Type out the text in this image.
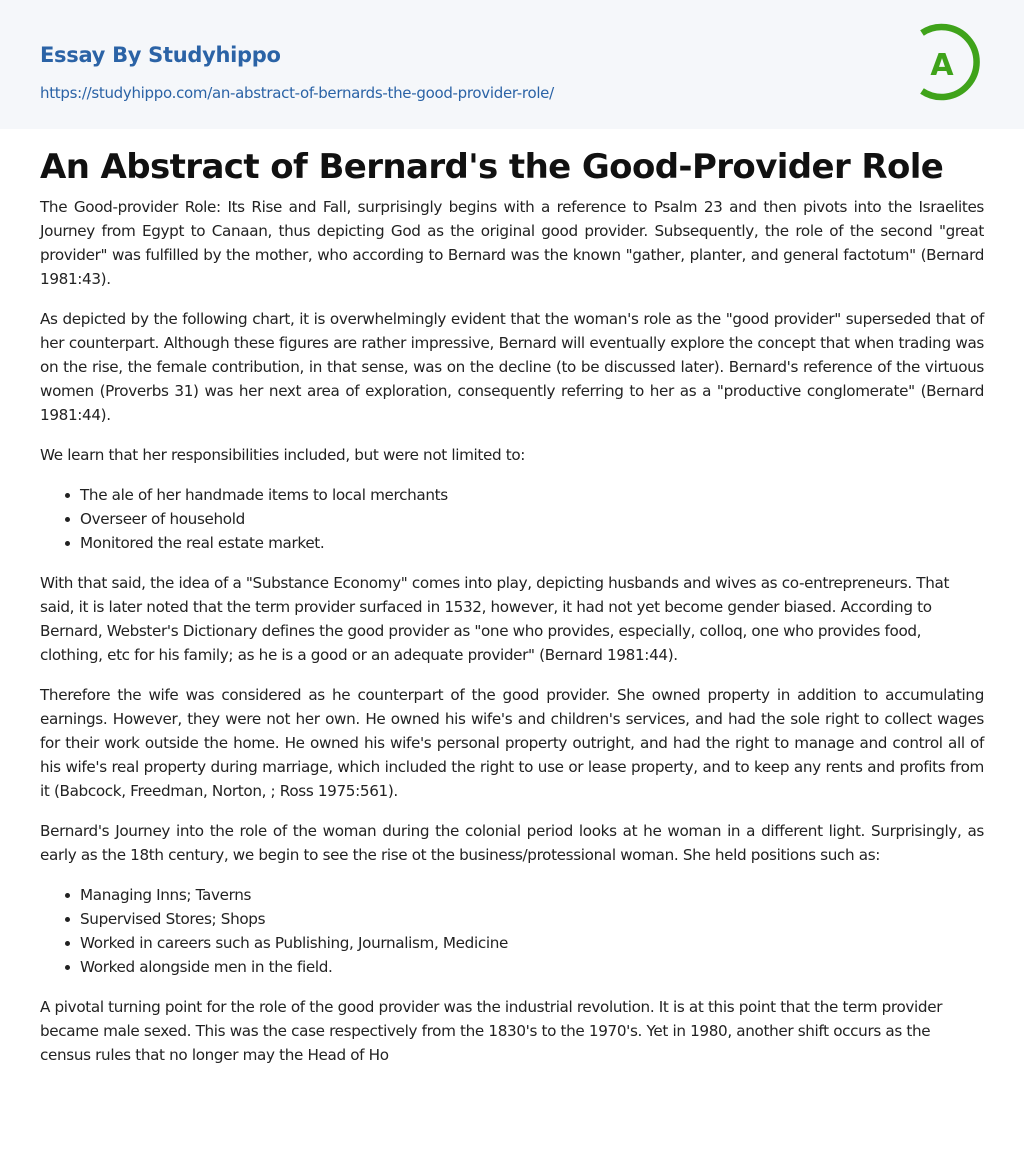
Essay By Studyhippo
https://studyhippo.com/an-abstract-of-bernards-the-good-provider-role/
A
An Abstract of Bernard's the Good-Provider Role

The Good-provider Role: Its Rise and Fall, surprisingly begins with a reference to Psalm 23 and then pivots into the Israelites Journey from Egypt to Canaan, thus depicting God as the original good provider. Subsequently, the role of the second "great provider" was fulfilled by the mother, who according to Bernard was the known "gather, planter, and general factotum" (Bernard 1981:43).

As depicted by the following chart, it is overwhelmingly evident that the woman's role as the "good provider" superseded that of her counterpart. Although these figures are rather impressive, Bernard will eventually explore the concept that when trading was on the rise, the female contribution, in that sense, was on the decline (to be discussed later). Bernard's reference of the virtuous women (Proverbs 31) was her next area of exploration, consequently referring to her as a "productive conglomerate" (Bernard 1981:44).

We learn that her responsibilities included, but were not limited to:

The ale of her handmade items to local merchants
Overseer of household
Monitored the real estate market.

With that said, the idea of a "Substance Economy" comes into play, depicting husbands and wives as co-entrepreneurs. That said, it is later noted that the term provider surfaced in 1532, however, it had not yet become gender biased. According to Bernard, Webster's Dictionary defines the good provider as "one who provides, especially, colloq, one who provides food, clothing, etc for his family; as he is a good or an adequate provider" (Bernard 1981:44).

Therefore the wife was considered as he counterpart of the good provider. She owned property in addition to accumulating earnings. However, they were not her own. He owned his wife's and children's services, and had the sole right to collect wages for their work outside the home. He owned his wife's personal property outright, and had the right to manage and control all of his wife's real property during marriage, which included the right to use or lease property, and to keep any rents and profits from it (Babcock, Freedman, Norton, ; Ross 1975:561).

Bernard's Journey into the role of the woman during the colonial period looks at he woman in a different light. Surprisingly, as early as the 18th century, we begin to see the rise ot the business/protessional woman. She held positions such as:

Managing Inns; Taverns
Supervised Stores; Shops
Worked in careers such as Publishing, Journalism, Medicine
Worked alongside men in the field.

A pivotal turning point for the role of the good provider was the industrial revolution. It is at this point that the term provider became male sexed. This was the case respectively from the 1830's to the 1970's. Yet in 1980, another shift occurs as the census rules that no longer may the Head of Ho
